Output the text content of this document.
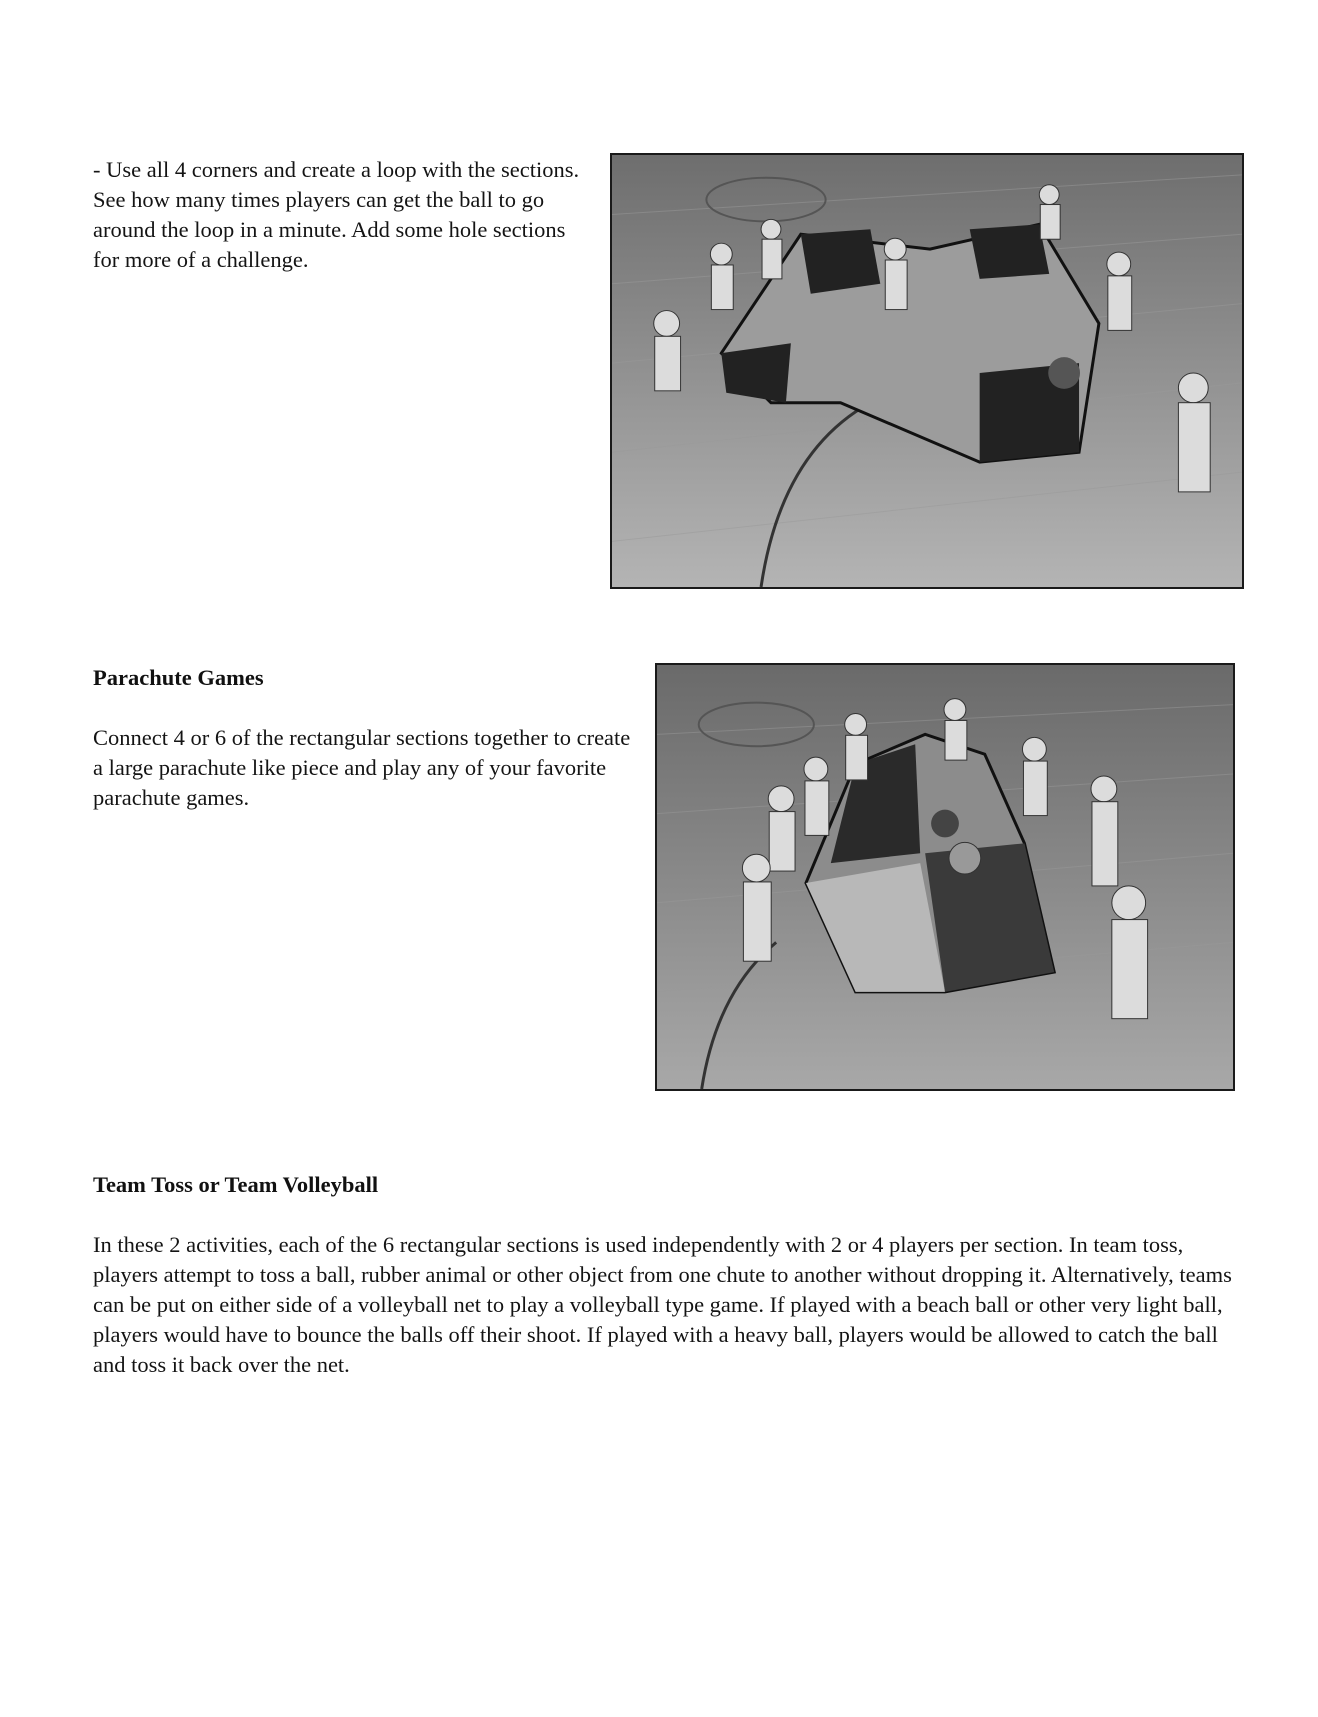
- Use all 4 corners and create a loop with the sections. See how many times players can get the ball to go around the loop in a minute. Add some hole sections for more of a challenge.

Parachute Games

Connect 4 or 6 of the rectangular sections together to create a large parachute like piece and play any of your favorite parachute games.

Team Toss or Team Volleyball

In these 2 activities, each of the 6 rectangular sections is used independently with 2 or 4 players per section. In team toss, players attempt to toss a ball, rubber animal or other object from one chute to another without dropping it. Alternatively, teams can be put on either side of a volleyball net to play a volleyball type game. If played with a beach ball or other very light ball, players would have to bounce the balls off their shoot. If played with a heavy ball, players would be allowed to catch the ball and toss it back over the net.
